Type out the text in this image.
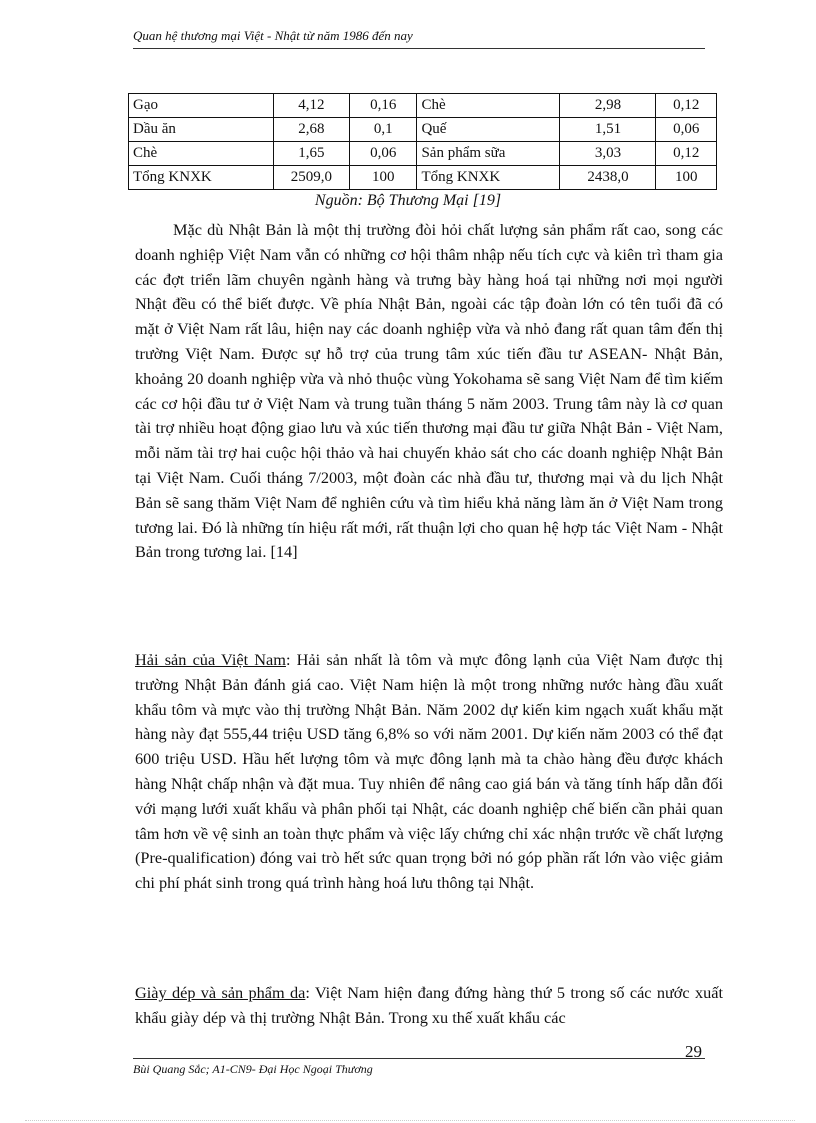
Quan hệ thương mại Việt - Nhật từ năm 1986 đến nay
Gạo	4,12	0,16	Chè	2,98	0,12
Dầu ăn	2,68	0,1	Quế	1,51	0,06
Chè	1,65	0,06	Sản phẩm sữa	3,03	0,12
Tổng KNXK	2509,0	100	Tổng KNXK	2438,0	100
Nguồn: Bộ Thương Mại [19]

Mặc dù Nhật Bản là một thị trường đòi hỏi chất lượng sản phẩm rất cao, song các doanh nghiệp Việt Nam vẫn có những cơ hội thâm nhập nếu tích cực và kiên trì tham gia các đợt triển lãm chuyên ngành hàng và trưng bày hàng hoá tại những nơi mọi người Nhật đều có thể biết được. Về phía Nhật Bản, ngoài các tập đoàn lớn có tên tuổi đã có mặt ở Việt Nam rất lâu, hiện nay các doanh nghiệp vừa và nhỏ đang rất quan tâm đến thị trường Việt Nam. Được sự hỗ trợ của trung tâm xúc tiến đầu tư ASEAN- Nhật Bản, khoảng 20 doanh nghiệp vừa và nhỏ thuộc vùng Yokohama sẽ sang Việt Nam để tìm kiếm các cơ hội đầu tư ở Việt Nam và trung tuần tháng 5 năm 2003. Trung tâm này là cơ quan tài trợ nhiều hoạt động giao lưu và xúc tiến thương mại đầu tư giữa Nhật Bản - Việt Nam, mỗi năm tài trợ hai cuộc hội thảo và hai chuyến khảo sát cho các doanh nghiệp Nhật Bản tại Việt Nam. Cuối tháng 7/2003, một đoàn các nhà đầu tư, thương mại và du lịch Nhật Bản sẽ sang thăm Việt Nam để nghiên cứu và tìm hiểu khả năng làm ăn ở Việt Nam trong tương lai. Đó là những tín hiệu rất mới, rất thuận lợi cho quan hệ hợp tác Việt Nam - Nhật Bản trong tương lai. [14]

Hải sản của Việt Nam: Hải sản nhất là tôm và mực đông lạnh của Việt Nam được thị trường Nhật Bản đánh giá cao. Việt Nam hiện là một trong những nước hàng đầu xuất khẩu tôm và mực vào thị trường Nhật Bản. Năm 2002 dự kiến kim ngạch xuất khẩu mặt hàng này đạt 555,44 triệu USD tăng 6,8% so với năm 2001. Dự kiến năm 2003 có thể đạt 600 triệu USD. Hầu hết lượng tôm và mực đông lạnh mà ta chào hàng đều được khách hàng Nhật chấp nhận và đặt mua. Tuy nhiên để nâng cao giá bán và tăng tính hấp dẫn đối với mạng lưới xuất khẩu và phân phối tại Nhật, các doanh nghiệp chế biến cần phải quan tâm hơn về vệ sinh an toàn thực phẩm và việc lấy chứng chỉ xác nhận trước về chất lượng (Pre-qualification) đóng vai trò hết sức quan trọng bởi nó góp phần rất lớn vào việc giảm chi phí phát sinh trong quá trình hàng hoá lưu thông tại Nhật.

Giày dép và sản phẩm da: Việt Nam hiện đang đứng hàng thứ 5 trong số các nước xuất khẩu giày dép và thị trường Nhật Bản. Trong xu thế xuất khẩu các

29
Bùi Quang Sắc; A1-CN9- Đại Học Ngoại Thương
